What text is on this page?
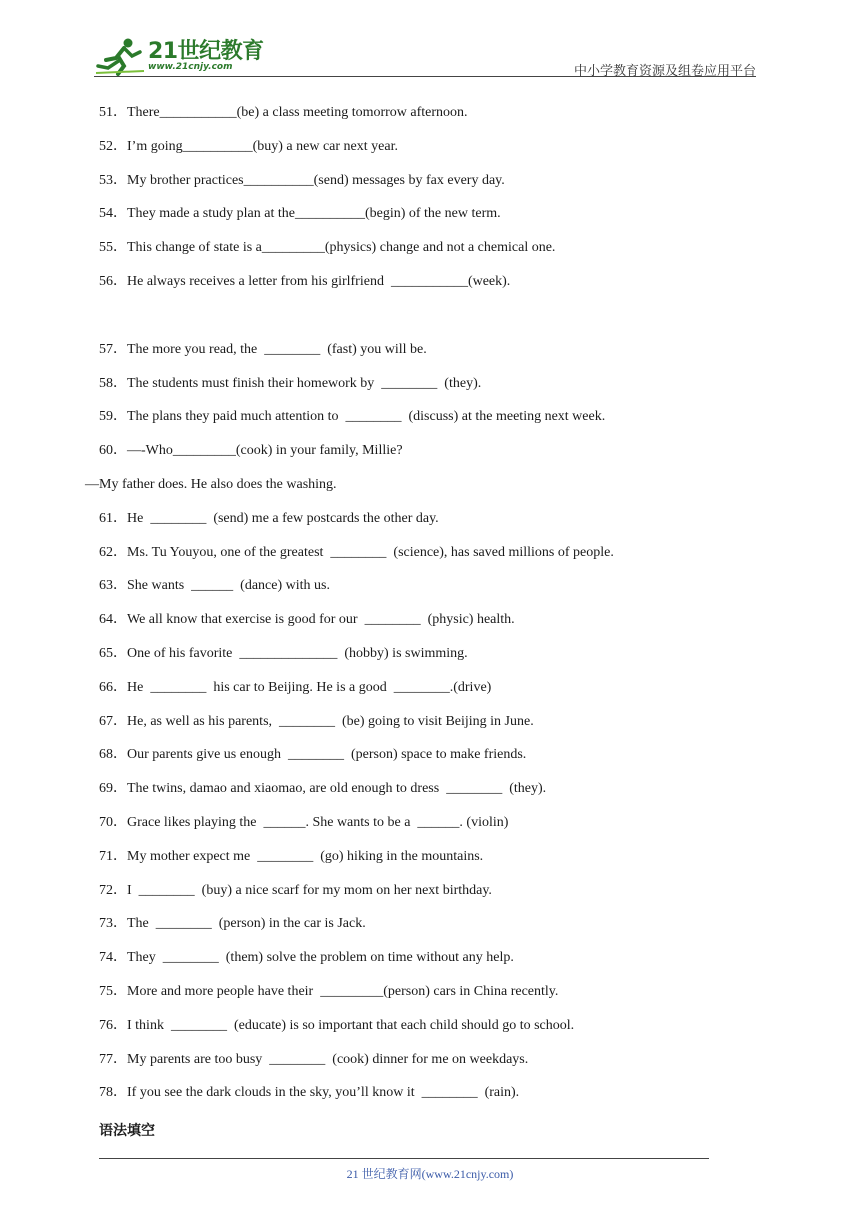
21世纪教育
www.21cnjy.com	中小学教育资源及组卷应用平台
51．There___________(be) a class meeting tomorrow afternoon.
52．I’m going__________(buy) a new car next year.
53．My brother practices__________(send) messages by fax every day.
54．They made a study plan at the__________(begin) of the new term.
55．This change of state is a_________(physics) change and not a chemical one.
56．He always receives a letter from his girlfriend  ___________(week).
57．The more you read, the  ________  (fast) you will be.
58．The students must finish their homework by  ________  (they).
59．The plans they paid much attention to  ________  (discuss) at the meeting next week.
60．—-Who_________(cook) in your family, Millie?
—My father does. He also does the washing.
61．He  ________  (send) me a few postcards the other day.
62．Ms. Tu Youyou, one of the greatest  ________  (science), has saved millions of people.
63．She wants  ______  (dance) with us.
64．We all know that exercise is good for our  ________  (physic) health.
65．One of his favorite  ______________  (hobby) is swimming.
66．He  ________  his car to Beijing. He is a good  ________.(drive)
67．He, as well as his parents,  ________  (be) going to visit Beijing in June.
68．Our parents give us enough  ________  (person) space to make friends.
69．The twins, damao and xiaomao, are old enough to dress  ________  (they).
70．Grace likes playing the  ______. She wants to be a  ______. (violin)
71．My mother expect me  ________  (go) hiking in the mountains.
72．I  ________  (buy) a nice scarf for my mom on her next birthday.
73．The  ________  (person) in the car is Jack.
74．They  ________  (them) solve the problem on time without any help.
75．More and more people have their  _________(person) cars in China recently.
76．I think  ________  (educate) is so important that each child should go to school.
77．My parents are too busy  ________  (cook) dinner for me on weekdays.
78．If you see the dark clouds in the sky, you’ll know it  ________  (rain).
语法填空
21 世纪教育网(www.21cnjy.com)
